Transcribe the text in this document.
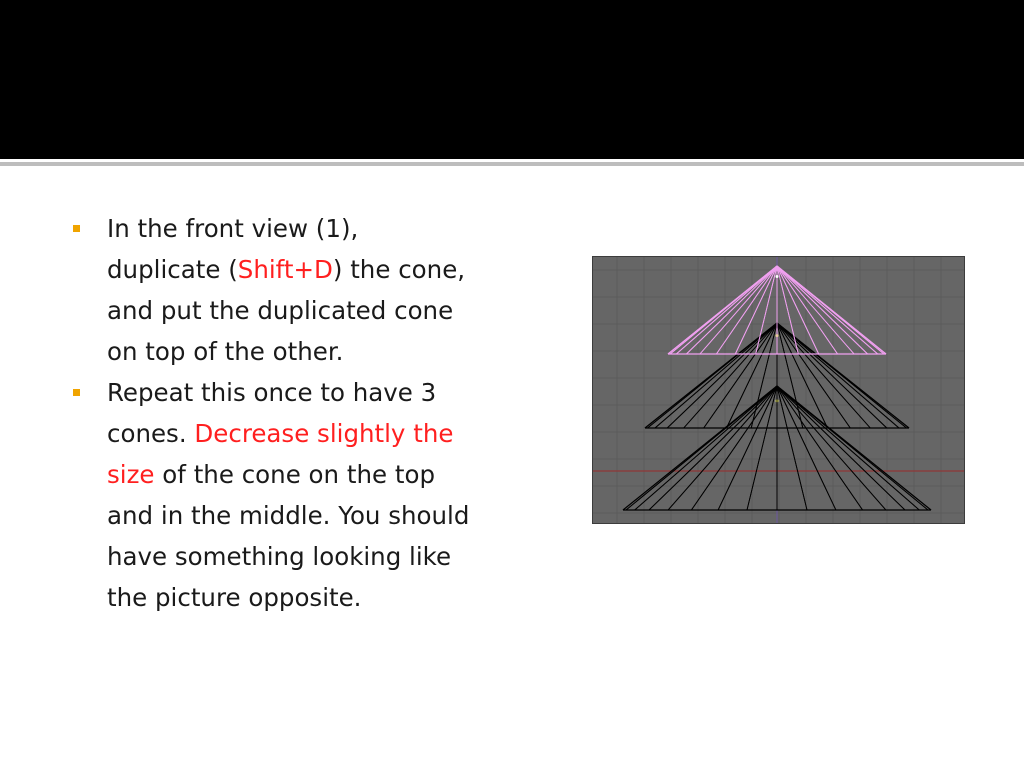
In the front view (1),
duplicate (Shift+D) the cone,
and put the duplicated cone
on top of the other.
Repeat this once to have 3
cones. Decrease slightly the
size of the cone on the top
and in the middle. You should
have something looking like
the picture opposite.
